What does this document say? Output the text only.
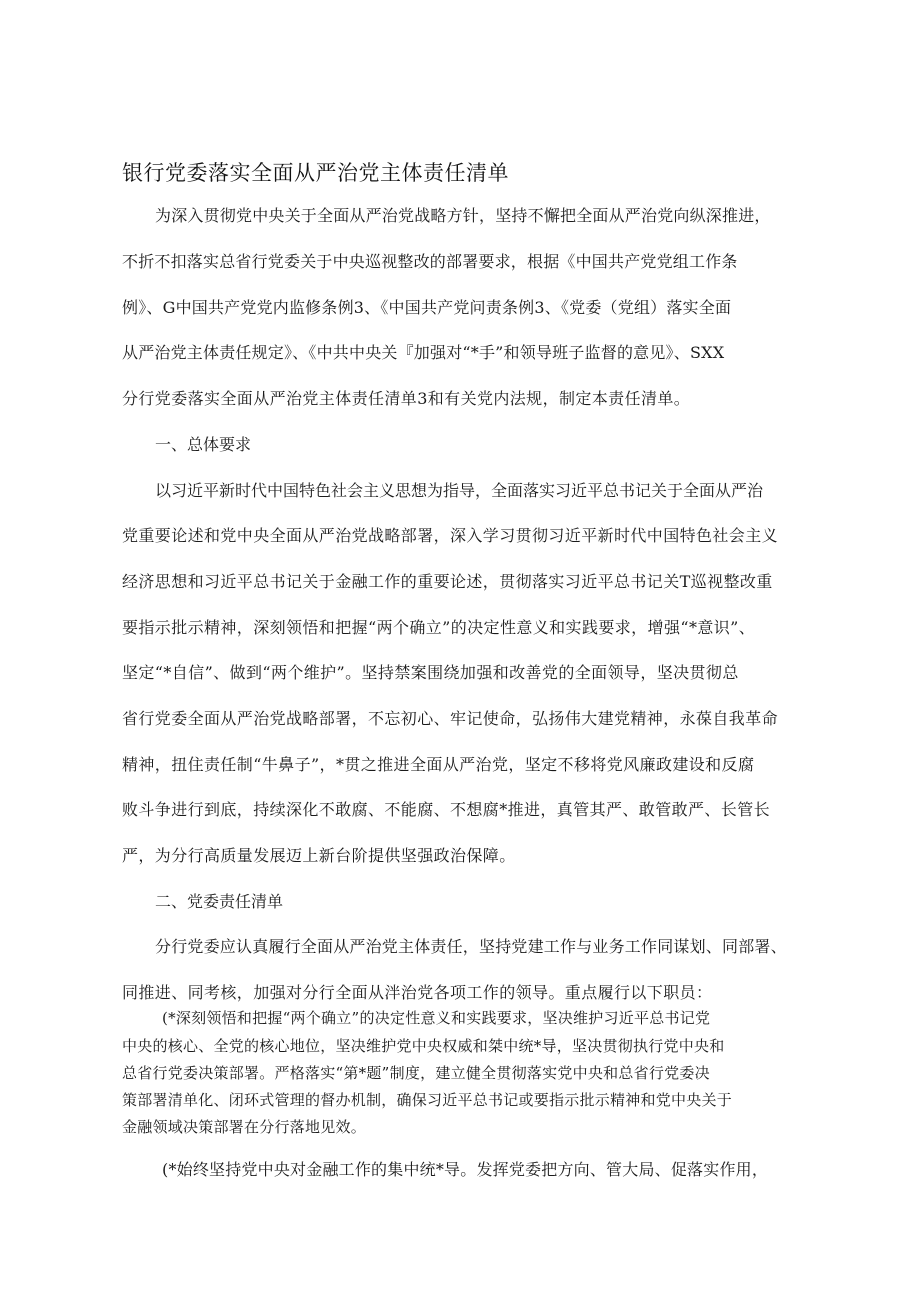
银行党委落实全面从严治党主体责任清单

为深入贯彻党中央关于全面从严治党战略方针，坚持不懈把全面从严治党向纵深推进，

不折不扣落实总省行党委关于中央巡视整改的部署要求，根据《中国共产党党组工作条

例》、G中国共产党党内监修条例3、《中国共产党问责条例3、《党委（党组）落实全面

从严治党主体责任规定》、《中共中央关『加强对“*手”和领导班子监督的意见》、SXX

分行党委落实全面从严治党主体责任清单3和有关党内法规，制定本责任清单。

一、总体要求

以习近平新时代中国特色社会主义思想为指导，全面落实习近平总书记关于全面从严治

党重要论述和党中央全面从严治党战略部署，深入学习贯彻习近平新时代中国特色社会主义

经济思想和习近平总书记关于金融工作的重要论述，贯彻落实习近平总书记关T巡视整改重

要指示批示精神，深刻领悟和把握“两个确立”的决定性意义和实践要求，增强“*意识”、

坚定“*自信”、做到“两个维护”。坚持禁案围绕加强和改善党的全面领导，坚决贯彻总

省行党委全面从严治党战略部署，不忘初心、牢记使命，弘扬伟大建党精神，永葆自我革命

精神，扭住责任制“牛鼻子”，*贯之推进全面从严治党，坚定不移将党风廉政建设和反腐

败斗争进行到底，持续深化不敢腐、不能腐、不想腐*推进，真管其严、敢管敢严、长管长

严，为分行高质量发展迈上新台阶提供坚强政治保障。

二、党委责任清单

分行党委应认真履行全面从严治党主体责任，坚持党建工作与业务工作同谋划、同部署、

同推进、同考核，加强对分行全面从泮治党各项工作的领导。重点履行以下职员：

(*深刻领悟和把握“两个确立”的决定性意义和实践要求，坚决维护习近平总书记党

中央的核心、全党的核心地位，坚决维护党中央权威和桀中统*导，坚决贯彻执行党中央和

总省行党委决策部署。严格落实“第*题”制度，建立健全贯彻落实党中央和总省行党委决

策部署清单化、闭环式管理的督办机制，确保习近平总书记或要指示批示精神和党中央关于

金融领域决策部署在分行落地见效。

(*始终坚持党中央对金融工作的集中统*导。发挥党委把方向、管大局、促落实作用，
